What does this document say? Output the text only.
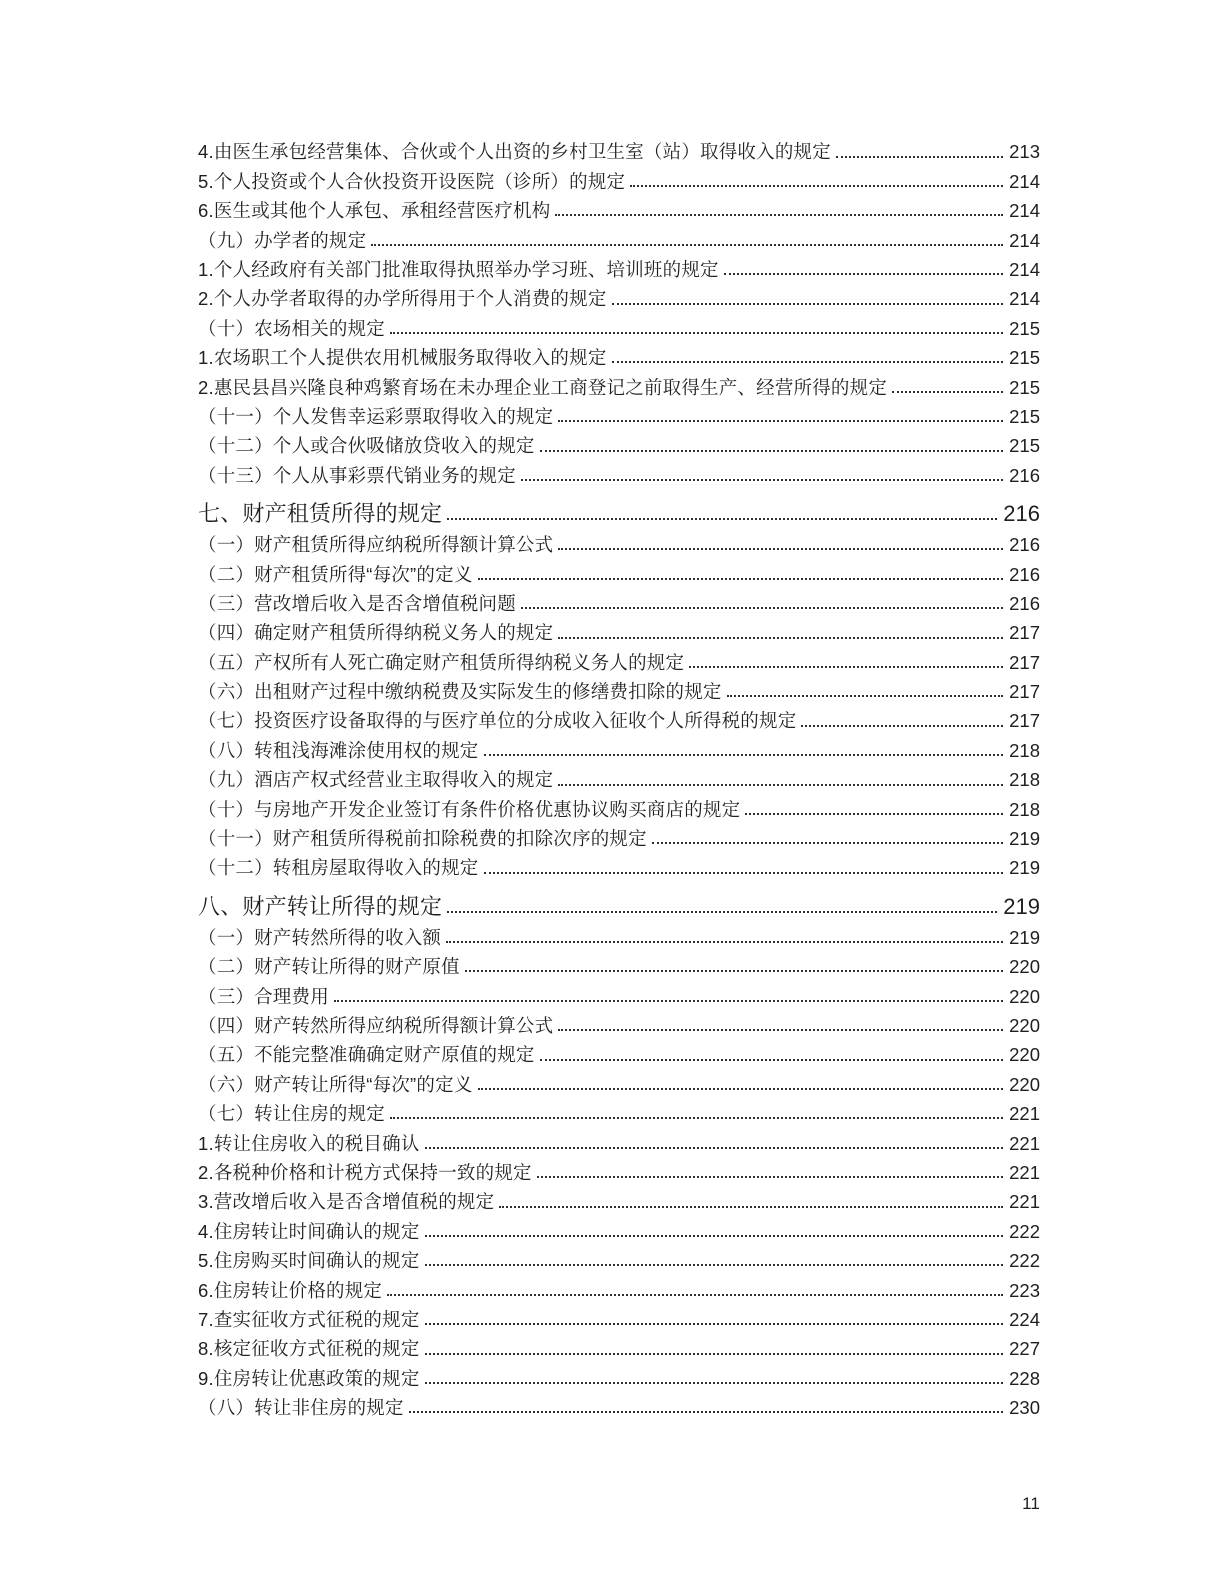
4.由医生承包经营集体、合伙或个人出资的乡村卫生室（站）取得收入的规定	213
5.个人投资或个人合伙投资开设医院（诊所）的规定	214
6.医生或其他个人承包、承租经营医疗机构	214
（九）办学者的规定	214
1.个人经政府有关部门批准取得执照举办学习班、培训班的规定	214
2.个人办学者取得的办学所得用于个人消费的规定	214
（十）农场相关的规定	215
1.农场职工个人提供农用机械服务取得收入的规定	215
2.惠民县昌兴隆良种鸡繁育场在未办理企业工商登记之前取得生产、经营所得的规定	215
（十一）个人发售幸运彩票取得收入的规定	215
（十二）个人或合伙吸储放贷收入的规定	215
（十三）个人从事彩票代销业务的规定	216
七、财产租赁所得的规定	216
（一）财产租赁所得应纳税所得额计算公式	216
（二）财产租赁所得“每次”的定义	216
（三）营改增后收入是否含增值税问题	216
（四）确定财产租赁所得纳税义务人的规定	217
（五）产权所有人死亡确定财产租赁所得纳税义务人的规定	217
（六）出租财产过程中缴纳税费及实际发生的修缮费扣除的规定	217
（七）投资医疗设备取得的与医疗单位的分成收入征收个人所得税的规定	217
（八）转租浅海滩涂使用权的规定	218
（九）酒店产权式经营业主取得收入的规定	218
（十）与房地产开发企业签订有条件价格优惠协议购买商店的规定	218
（十一）财产租赁所得税前扣除税费的扣除次序的规定	219
（十二）转租房屋取得收入的规定	219
八、财产转让所得的规定	219
（一）财产转然所得的收入额	219
（二）财产转让所得的财产原值	220
（三）合理费用	220
（四）财产转然所得应纳税所得额计算公式	220
（五）不能完整准确确定财产原值的规定	220
（六）财产转让所得“每次”的定义	220
（七）转让住房的规定	221
1.转让住房收入的税目确认	221
2.各税种价格和计税方式保持一致的规定	221
3.营改增后收入是否含增值税的规定	221
4.住房转让时间确认的规定	222
5.住房购买时间确认的规定	222
6.住房转让价格的规定	223
7.查实征收方式征税的规定	224
8.核定征收方式征税的规定	227
9.住房转让优惠政策的规定	228
（八）转让非住房的规定	230
11
